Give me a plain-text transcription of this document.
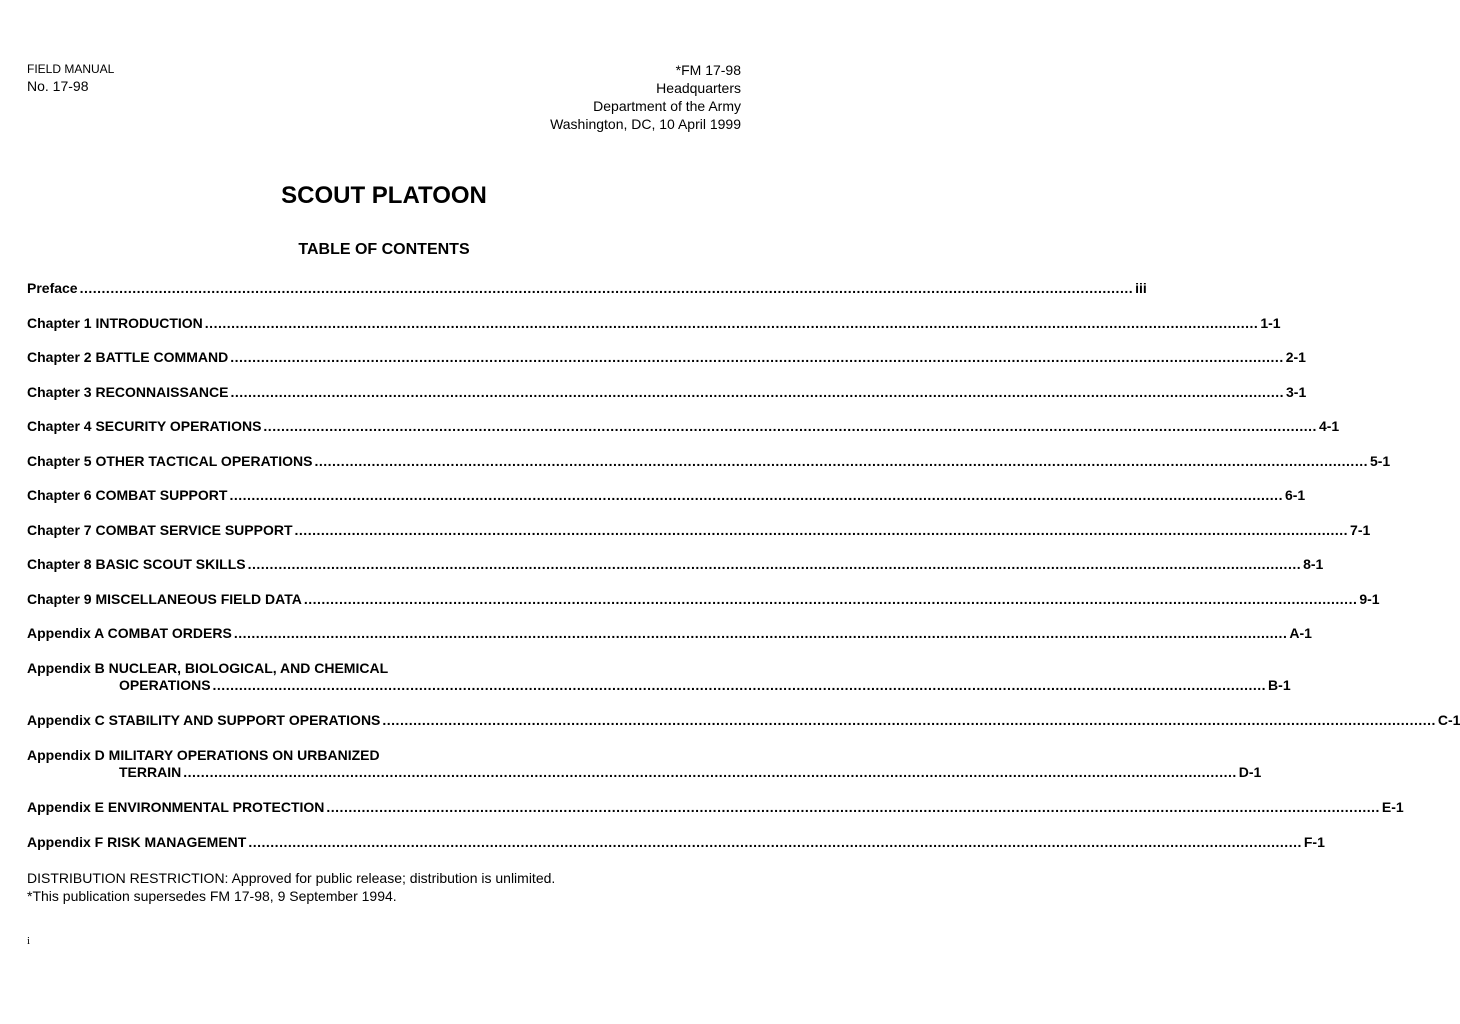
FIELD MANUAL
No. 17-98
*FM 17-98
Headquarters
Department of the Army
Washington, DC, 10 April 1999
SCOUT PLATOON
TABLE OF CONTENTS
Preface .....	iii
Chapter 1 INTRODUCTION .....	1-1
Chapter 2 BATTLE COMMAND .....	2-1
Chapter 3 RECONNAISSANCE .....	3-1
Chapter 4 SECURITY OPERATIONS .....	4-1
Chapter 5 OTHER TACTICAL OPERATIONS .....	5-1
Chapter 6 COMBAT SUPPORT .....	6-1
Chapter 7 COMBAT SERVICE SUPPORT .....	7-1
Chapter 8 BASIC SCOUT SKILLS .....	8-1
Chapter 9 MISCELLANEOUS FIELD DATA .....	9-1
Appendix A COMBAT ORDERS .....	A-1
Appendix B NUCLEAR, BIOLOGICAL, AND CHEMICAL
OPERATIONS .....	B-1
Appendix C STABILITY AND SUPPORT OPERATIONS .....	C-1
Appendix D MILITARY OPERATIONS ON URBANIZED
TERRAIN .....	D-1
Appendix E ENVIRONMENTAL PROTECTION .....	E-1
Appendix F RISK MANAGEMENT .....	F-1
DISTRIBUTION RESTRICTION: Approved for public release; distribution is unlimited.
*This publication supersedes FM 17-98, 9 September 1994.
i
